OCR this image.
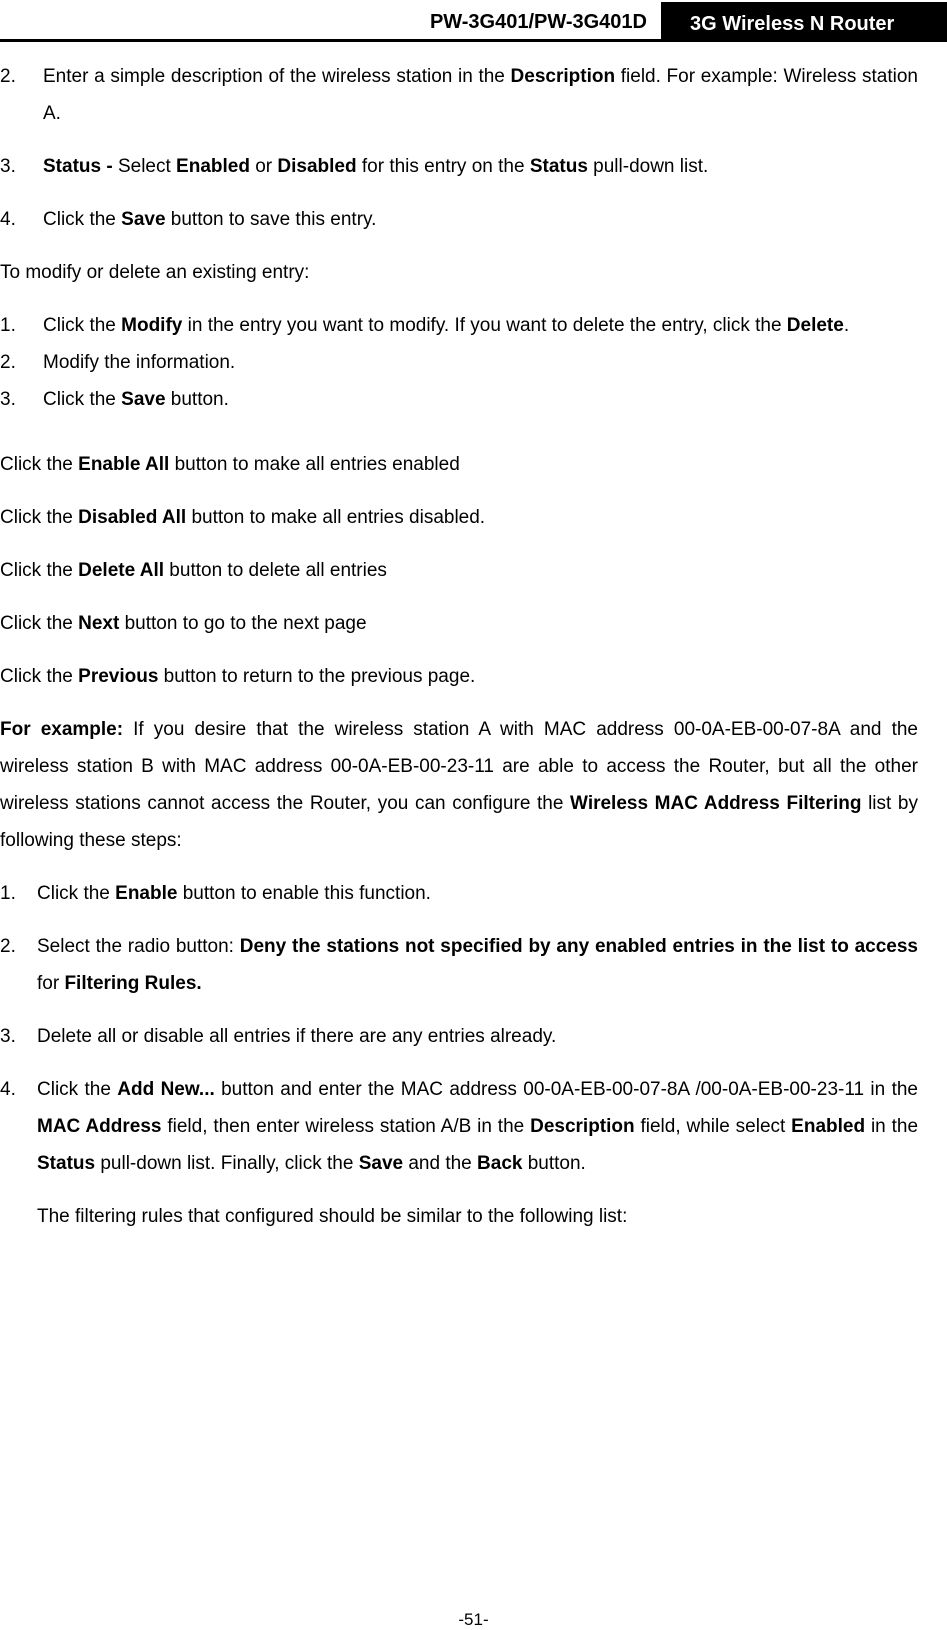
PW-3G401/PW-3G401D	3G Wireless N Router
2. Enter a simple description of the wireless station in the Description field. For example: Wireless station A.
3. Status - Select Enabled or Disabled for this entry on the Status pull-down list.
4. Click the Save button to save this entry.

To modify or delete an existing entry:

1. Click the Modify in the entry you want to modify. If you want to delete the entry, click the Delete.
2. Modify the information.
3. Click the Save button.

Click the Enable All button to make all entries enabled

Click the Disabled All button to make all entries disabled.

Click the Delete All button to delete all entries

Click the Next button to go to the next page

Click the Previous button to return to the previous page.

For example: If you desire that the wireless station A with MAC address 00-0A-EB-00-07-8A and the wireless station B with MAC address 00-0A-EB-00-23-11 are able to access the Router, but all the other wireless stations cannot access the Router, you can configure the Wireless MAC Address Filtering list by following these steps:

1. Click the Enable button to enable this function.
2. Select the radio button: Deny the stations not specified by any enabled entries in the list to access for Filtering Rules.
3. Delete all or disable all entries if there are any entries already.
4. Click the Add New... button and enter the MAC address 00-0A-EB-00-07-8A /00-0A-EB-00-23-11 in the MAC Address field, then enter wireless station A/B in the Description field, while select Enabled in the Status pull-down list. Finally, click the Save and the Back button.

The filtering rules that configured should be similar to the following list:

-51-
